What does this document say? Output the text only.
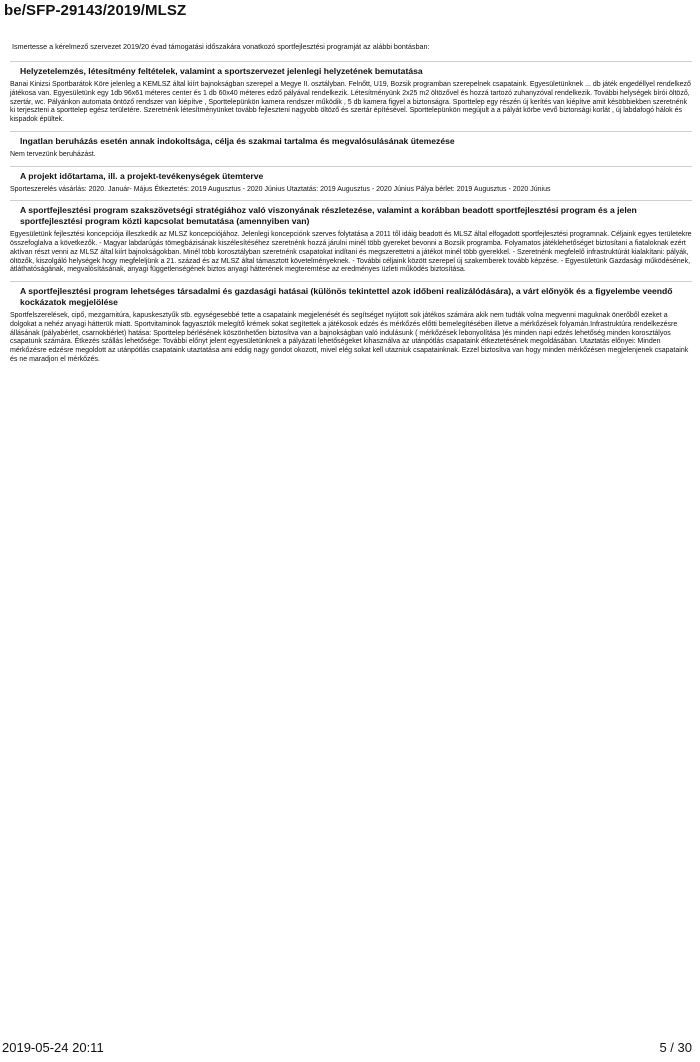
be/SFP-29143/2019/MLSZ

Ismertesse a kérelmező szervezet 2019/20 évad támogatási időszakára vonatkozó sportfejlesztési programját az alábbi bontásban:

Helyzetelemzés, létesítmény feltételek, valamint a sportszervezet jelenlegi helyzetének bemutatása

Banai Kinizsi Sportbarátok Köre jelenleg a KEMLSZ által kiírt bajnokságban szerepel a Megye II. osztályban. Felnőtt, U19, Bozsik programban szerepelnek csapataink. Egyesületünknek ... db játék engedéllyel rendelkező játékosa van. Egyesületünk egy 1db 96x61 méteres center és 1 db 60x40 méteres edző pályával rendelkezik. Létesítményünk 2x25 m2 öltözővel és hozzá tartozó zuhanyzóval rendelkezik. További helységek bírói öltöző, szertár, wc. Pályánkon automata öntöző rendszer van kiépítve , Sporttelepünkön kamera rendszer működik , 5 db kamera figyel a biztonságra. Sporttelep egy részén új kerítés van kiépítve amit késöbbiekben szeretnénk ki terjeszteni a sporttelep egész területére. Szeretnénk létesítményünket tovább fejleszteni nagyobb öltöző és szertár építésével. Sporttelepünkön megújult a a pályát körbe vevő biztonsági korlát , új labdafogó hálok és kispadok épültek.

Ingatlan beruházás esetén annak indokoltsága, célja és szakmai tartalma és megvalósulásának ütemezése

Nem tervezünk beruházást.

A projekt időtartama, ill. a projekt-tevékenységek ütemterve

Sporteszerelés vásárlás: 2020. Január- Május Étkeztetés: 2019 Augusztus - 2020 Június Utaztatás: 2019 Augusztus - 2020 Június Pálya bérlet: 2019 Augusztus - 2020 Június

A sportfejlesztési program szakszövetségi stratégiához való viszonyának részletezése, valamint a korábban beadott sportfejlesztési program és a jelen sportfejlesztési program közti kapcsolat bemutatása (amennyiben van)

Egyesületünk fejlesztési koncepciója illeszkedik az MLSZ koncepciójához. Jelenlegi koncepciónk szerves folytatása a 2011 től idáig beadott és MLSZ által elfogadott sportfejlesztési programnak. Céljaink egyes területekre összefoglalva a következők. - Magyar labdarúgás tömegbázisának kiszélesítéséhez szeretnénk hozzá járulni minél több gyereket bevonni a Bozsik programba. Folyamatos játéklehetőséget biztosítani a fiataloknak ezért aktívan részt venni az MLSZ által kiírt bajnokságokban. Minél több korosztályban szeretnénk csapatokat indítani és megszerettetni a játékot minél több gyerekkel. - Szeretnénk megfelelő infrastruktúrát kialakítani: pályák, öltözők, kiszolgáló helységek hogy megfeleljünk a 21. század és az MLSZ által támasztott követelményeknek. - További céljaink között szerepel új szakemberek tovább képzése. - Egyesületünk Gazdasági működésének, átláthatóságának, megvalósításának, anyagi függetlenségének biztos anyagi hátterének megteremtése az eredményes üzleti működés biztosítása.

A sportfejlesztési program lehetséges társadalmi és gazdasági hatásai (különös tekintettel azok időbeni realizálódására), a várt előnyök és a figyelembe veendő kockázatok megjelölése

Sportfelszerelések, cipő, mezgarnitúra, kapuskesztyűk stb. egységesebbé tette a csapataink megjelenését és segítséget nyújtott sok játékos számára akik nem tudták volna megvenni maguknak önerőből ezeket a dolgokat a nehéz anyagi hátterük miatt. Sportvitaminok fagyasztók melegítő krémek sokat segítettek a játékosok edzés és mérkőzés előtti bemelegítésében illetve a mérkőzések folyamán.Infrastruktúra rendelkezésre állásának (pályabérlet, csarnokbérlet) hatása: Sporttelep bérlésének köszönhetően biztosítva van a bajnokságban való indulásunk ( mérkőzések lebonyolítása )és minden napi edzés lehetőség minden korosztályos csapatunk számára. Étkezés szállás lehetősége: További előnyt jelent egyesületünknek a pályázati lehetőségeket kihasználva az utánpótlás csapataink étkeztetésének megoldásában. Utaztatás előnyei: Minden mérkőzésre edzésre megoldott az utánpótlás csapataink utaztatása ami eddig nagy gondot okozott, mivel elég sokat kell utazniuk csapatainknak. Ezzel biztosítva van hogy minden mérkőzésen megjelenjenek csapataink és ne maradjon el mérkőzés.

2019-05-24 20:11	5 / 30
